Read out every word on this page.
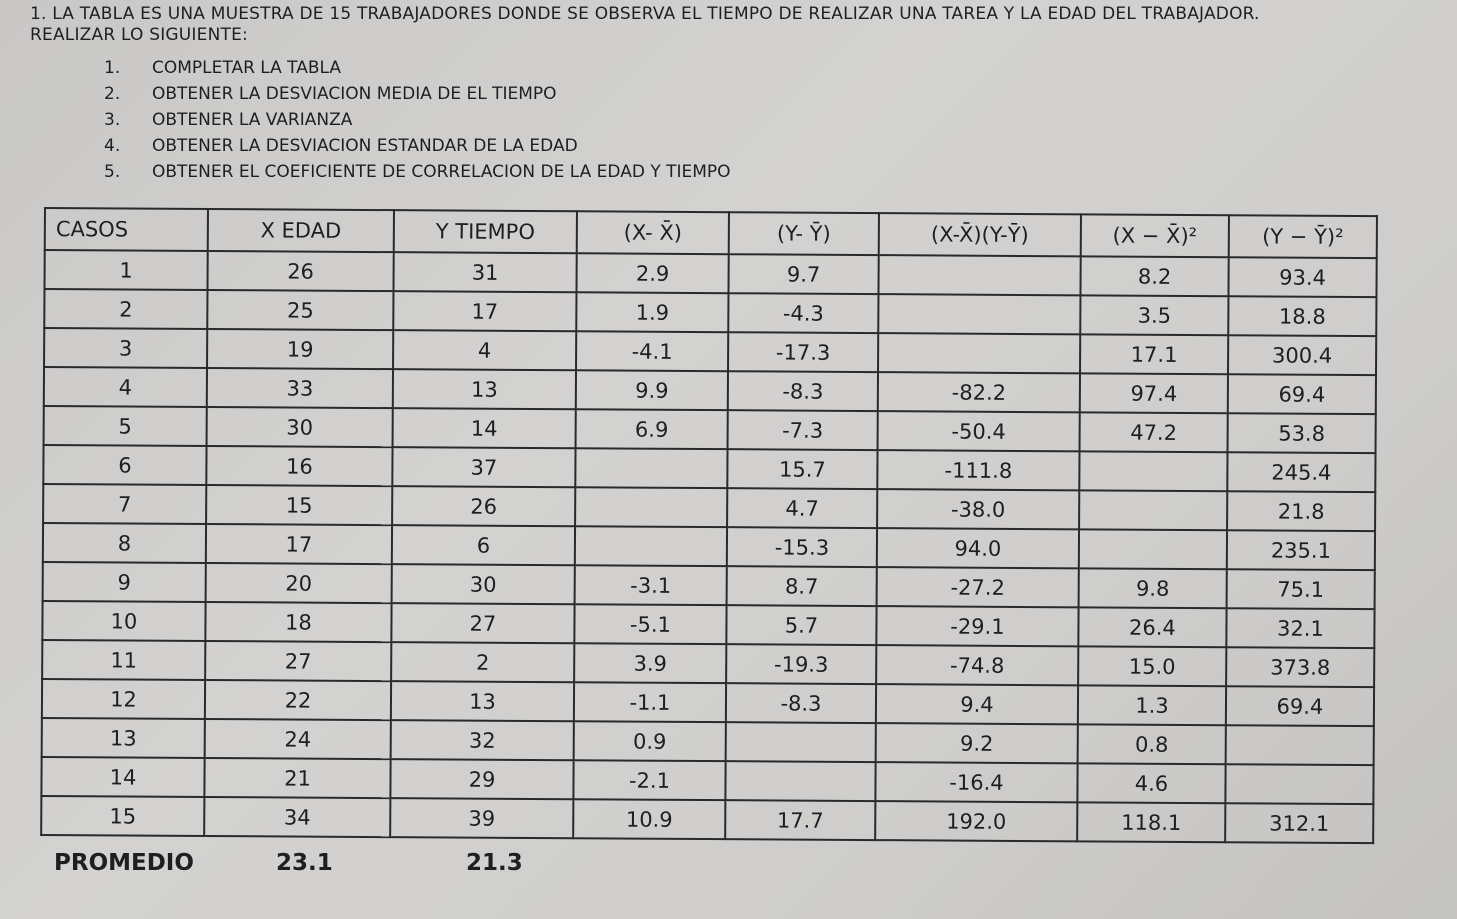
1. LA TABLA ES UNA MUESTRA DE 15 TRABAJADORES DONDE SE OBSERVA EL TIEMPO DE REALIZAR UNA TAREA Y LA EDAD DEL TRABAJADOR.
REALIZAR LO SIGUIENTE:
1.	COMPLETAR LA TABLA
2.	OBTENER LA DESVIACION MEDIA DE EL TIEMPO
3.	OBTENER LA VARIANZA
4.	OBTENER LA DESVIACION ESTANDAR DE LA EDAD
5.	OBTENER EL COEFICIENTE DE CORRELACION DE LA EDAD Y TIEMPO
CASOS	X EDAD	Y TIEMPO	(X- X̄)	(Y- Ȳ)	(X-X̄)(Y-Ȳ)	(X − X̄)²	(Y − Ȳ)²
1	26	31	2.9	9.7		8.2	93.4
2	25	17	1.9	-4.3		3.5	18.8
3	19	4	-4.1	-17.3		17.1	300.4
4	33	13	9.9	-8.3	-82.2	97.4	69.4
5	30	14	6.9	-7.3	-50.4	47.2	53.8
6	16	37		15.7	-111.8		245.4
7	15	26		4.7	-38.0		21.8
8	17	6		-15.3	94.0		235.1
9	20	30	-3.1	8.7	-27.2	9.8	75.1
10	18	27	-5.1	5.7	-29.1	26.4	32.1
11	27	2	3.9	-19.3	-74.8	15.0	373.8
12	22	13	-1.1	-8.3	9.4	1.3	69.4
13	24	32	0.9		9.2	0.8	
14	21	29	-2.1		-16.4	4.6	
15	34	39	10.9	17.7	192.0	118.1	312.1
PROMEDIO	23.1	21.3
